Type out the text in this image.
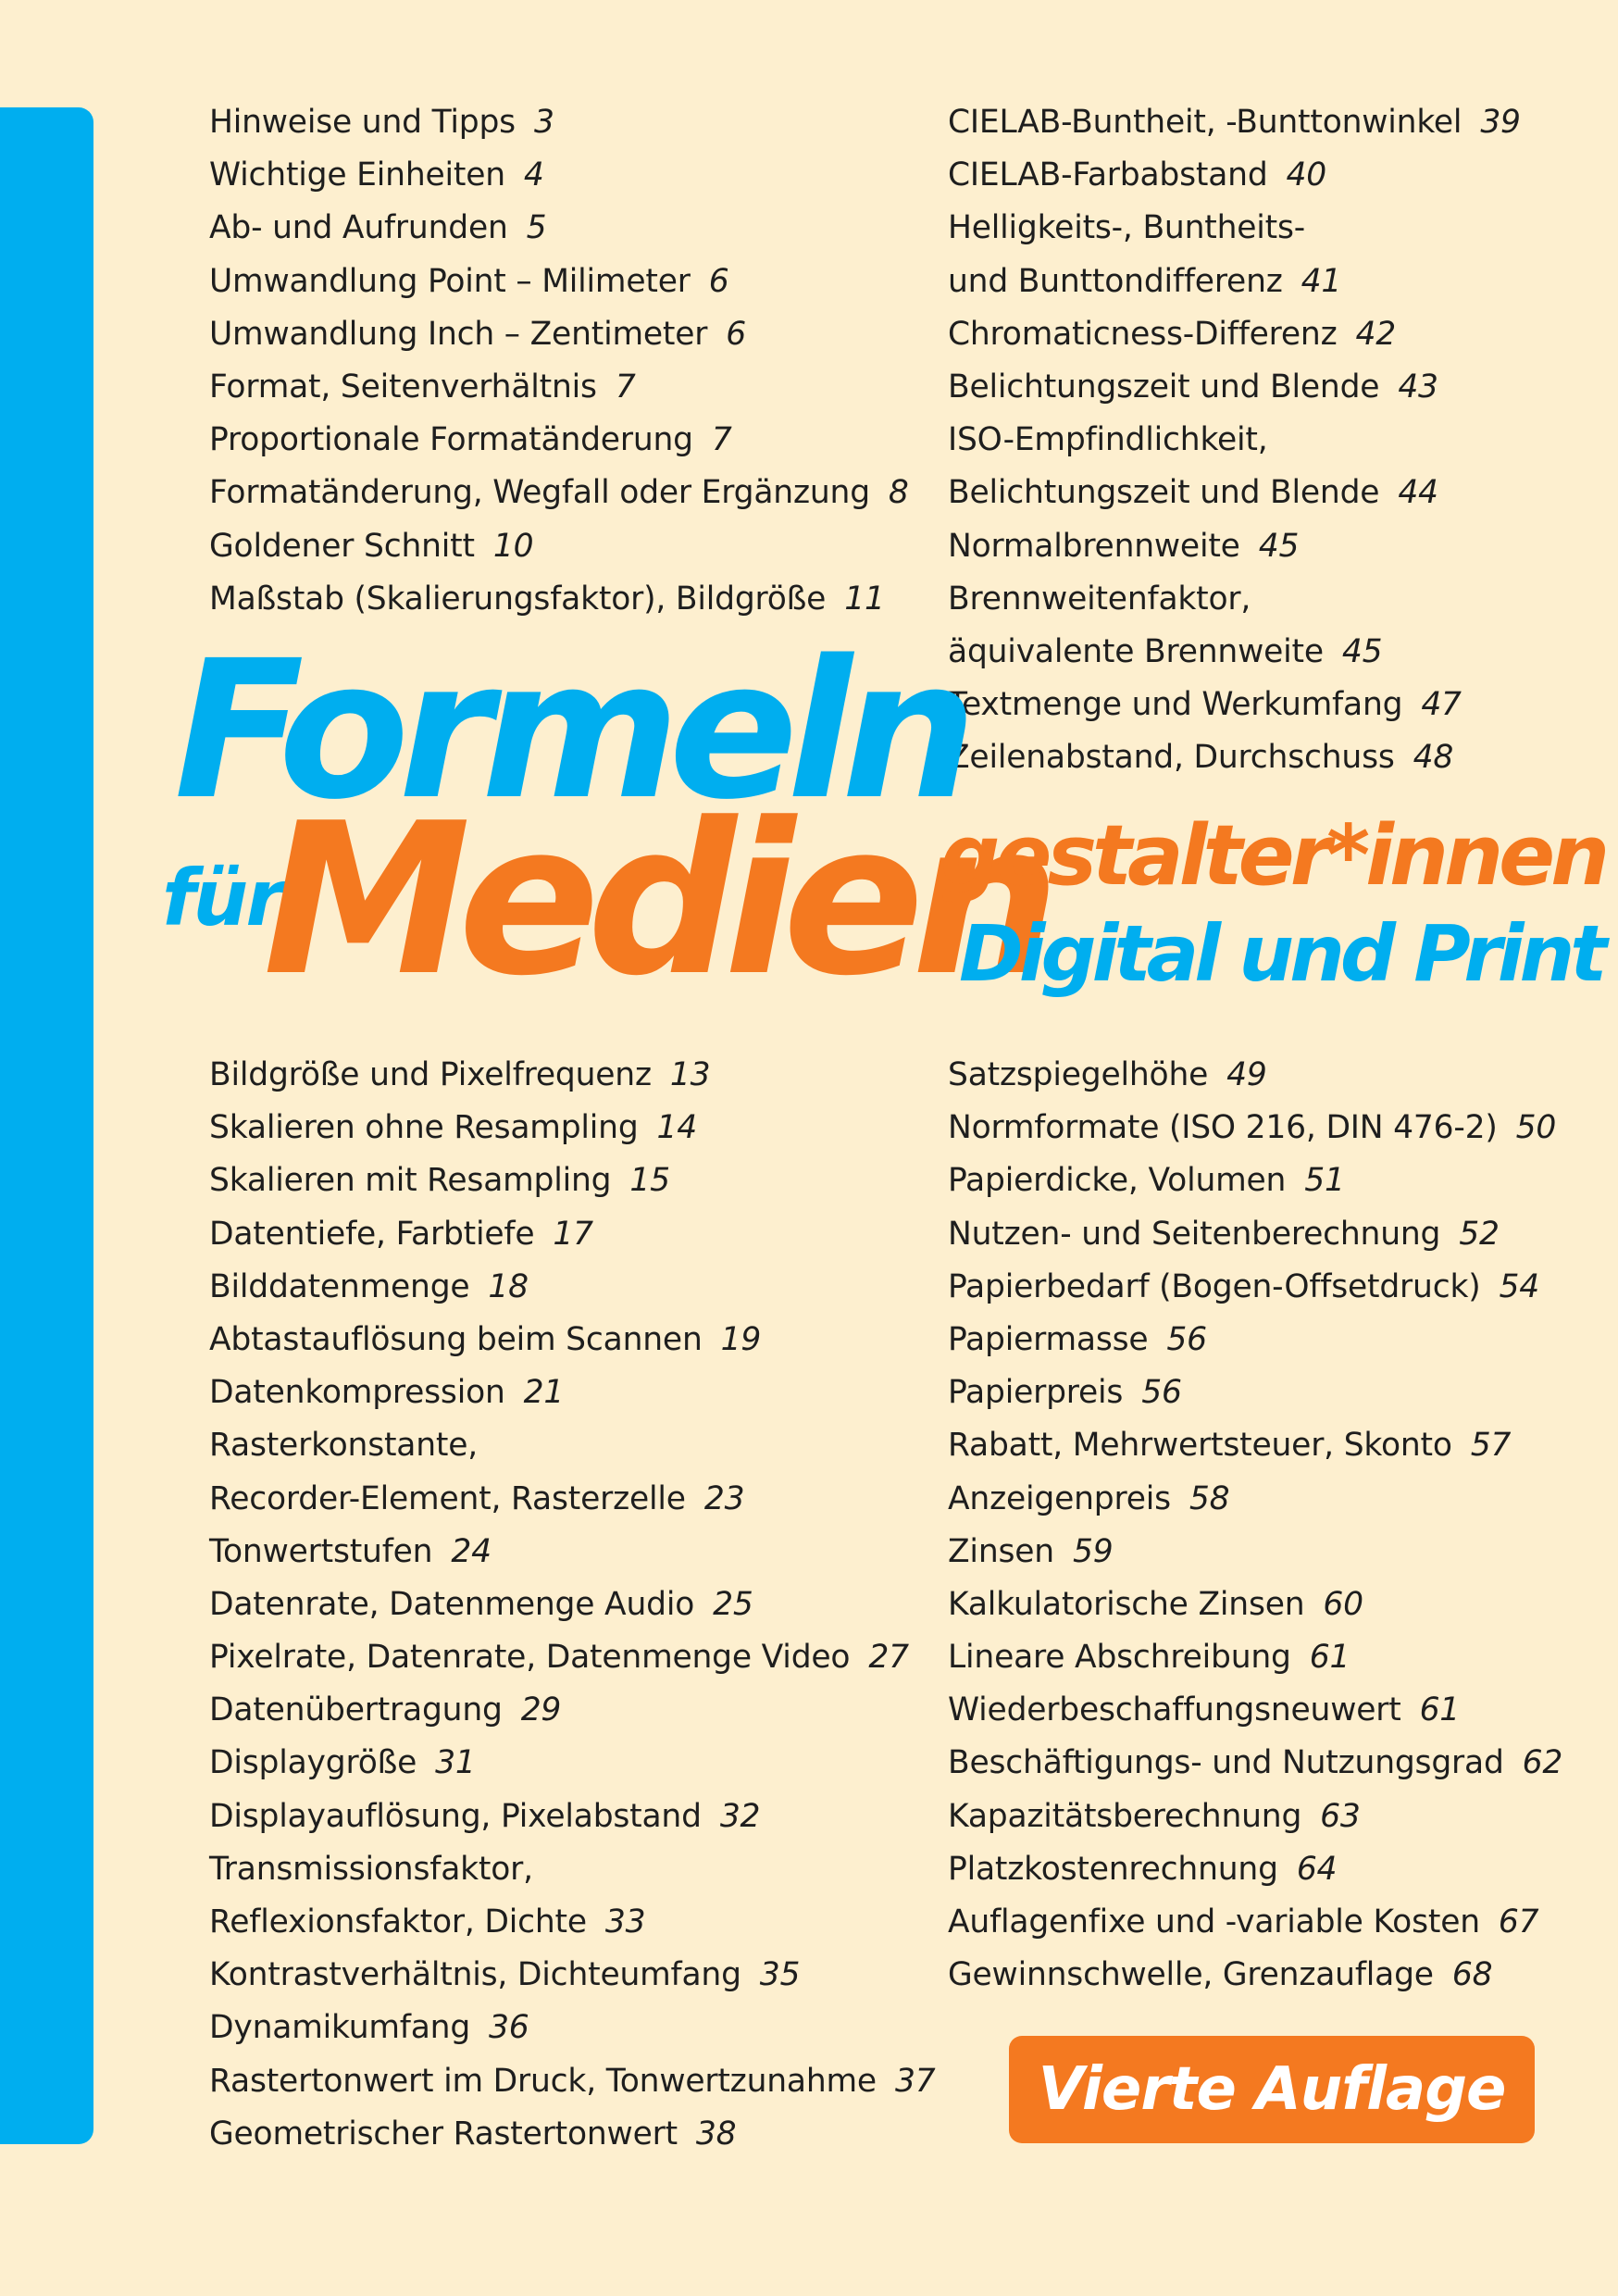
Hinweise und Tipps 3
Wichtige Einheiten 4
Ab- und Aufrunden 5
Umwandlung Point – Milimeter 6
Umwandlung Inch – Zentimeter 6
Format, Seitenverhältnis 7
Proportionale Formatänderung 7
Formatänderung, Wegfall oder Ergänzung 8
Goldener Schnitt 10
Maßstab (Skalierungsfaktor), Bildgröße 11
CIELAB-Buntheit, -Bunttonwinkel 39
CIELAB-Farbabstand 40
Helligkeits-, Buntheits-
und Bunttondifferenz 41
Chromaticness-Differenz 42
Belichtungszeit und Blende 43
ISO-Empfindlichkeit,
Belichtungszeit und Blende 44
Normalbrennweite 45
Brennweitenfaktor,
äquivalente Brennweite 45
Textmenge und Werkumfang 47
Zeilenabstand, Durchschuss 48
Formeln
für
Medien
gestalter*innen
Digital und Print
Bildgröße und Pixelfrequenz 13
Skalieren ohne Resampling 14
Skalieren mit Resampling 15
Datentiefe, Farbtiefe 17
Bilddatenmenge 18
Abtastauflösung beim Scannen 19
Datenkompression 21
Rasterkonstante,
Recorder-Element, Rasterzelle 23
Tonwertstufen 24
Datenrate, Datenmenge Audio 25
Pixelrate, Datenrate, Datenmenge Video 27
Datenübertragung 29
Displaygröße 31
Displayauflösung, Pixelabstand 32
Transmissionsfaktor,
Reflexionsfaktor, Dichte 33
Kontrastverhältnis, Dichteumfang 35
Dynamikumfang 36
Rastertonwert im Druck, Tonwertzunahme 37
Geometrischer Rastertonwert 38
Satzspiegelhöhe 49
Normformate (ISO 216, DIN 476-2) 50
Papierdicke, Volumen 51
Nutzen- und Seitenberechnung 52
Papierbedarf (Bogen-Offsetdruck) 54
Papiermasse 56
Papierpreis 56
Rabatt, Mehrwertsteuer, Skonto 57
Anzeigenpreis 58
Zinsen 59
Kalkulatorische Zinsen 60
Lineare Abschreibung 61
Wiederbeschaffungsneuwert 61
Beschäftigungs- und Nutzungsgrad 62
Kapazitätsberechnung 63
Platzkostenrechnung 64
Auflagenfixe und -variable Kosten 67
Gewinnschwelle, Grenzauflage 68
Vierte Auflage
